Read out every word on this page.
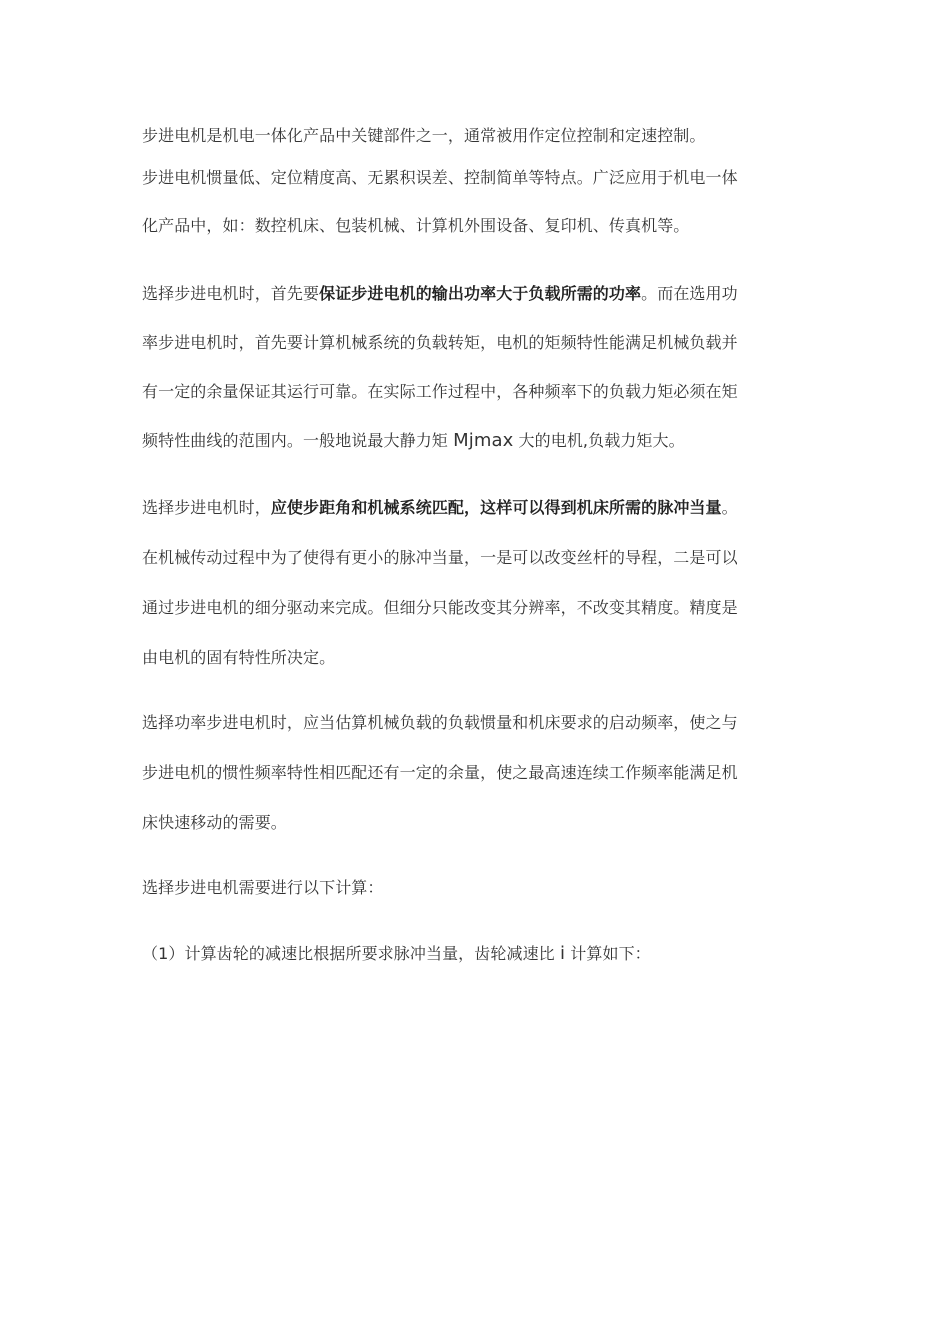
步进电机是机电一体化产品中关键部件之一，通常被用作定位控制和定速控制。
步进电机惯量低、定位精度高、无累积误差、控制简单等特点。广泛应用于机电一体
化产品中，如：数控机床、包装机械、计算机外围设备、复印机、传真机等。
选择步进电机时，首先要保证步进电机的输出功率大于负载所需的功率。而在选用功
率步进电机时，首先要计算机械系统的负载转矩，电机的矩频特性能满足机械负载并
有一定的余量保证其运行可靠。在实际工作过程中，各种频率下的负载力矩必须在矩
频特性曲线的范围内。一般地说最大静力矩 Mjmax 大的电机,负载力矩大。
选择步进电机时，应使步距角和机械系统匹配，这样可以得到机床所需的脉冲当量。
在机械传动过程中为了使得有更小的脉冲当量，一是可以改变丝杆的导程，二是可以
通过步进电机的细分驱动来完成。但细分只能改变其分辨率，不改变其精度。精度是
由电机的固有特性所决定。
选择功率步进电机时，应当估算机械负载的负载惯量和机床要求的启动频率，使之与
步进电机的惯性频率特性相匹配还有一定的余量，使之最高速连续工作频率能满足机
床快速移动的需要。
选择步进电机需要进行以下计算：
（1）计算齿轮的减速比根据所要求脉冲当量，齿轮减速比 i 计算如下：
